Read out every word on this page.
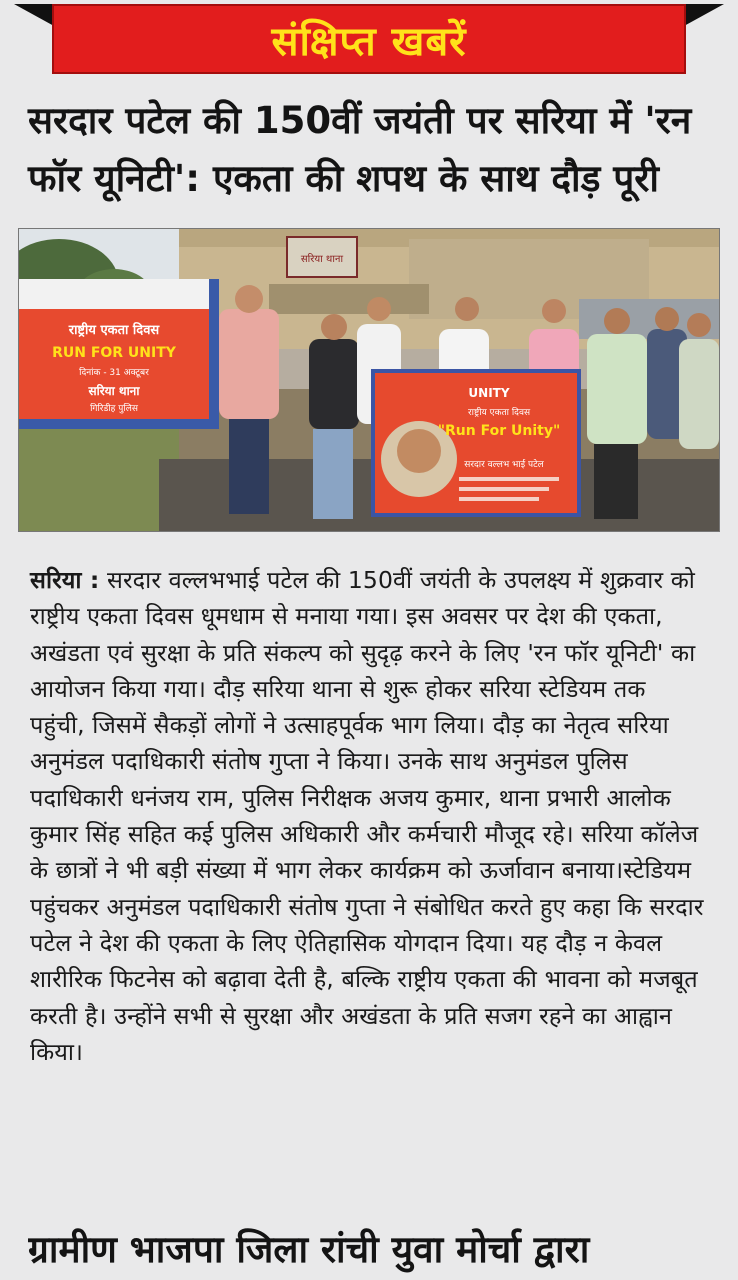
संक्षिप्त खबरें
सरदार पटेल की 150वीं जयंती पर सरिया में 'रन फॉर यूनिटी': एकता की शपथ के साथ दौड़ पूरी
सरिया थाना
राष्ट्रीय एकता दिवस
RUN FOR UNITY
दिनांक - 31 अक्टूबर
सरिया थाना
गिरिडीह पुलिस
UNITY
राष्ट्रीय एकता दिवस
"Run For Unity"
सरदार वल्लभ भाई पटेल

सरिया : सरदार वल्लभभाई पटेल की 150वीं जयंती के उपलक्ष्य में शुक्रवार को राष्ट्रीय एकता दिवस धूमधाम से मनाया गया। इस अवसर पर देश की एकता, अखंडता एवं सुरक्षा के प्रति संकल्प को सुदृढ़ करने के लिए 'रन फॉर यूनिटी' का आयोजन किया गया। दौड़ सरिया थाना से शुरू होकर सरिया स्टेडियम तक पहुंची, जिसमें सैकड़ों लोगों ने उत्साहपूर्वक भाग लिया। दौड़ का नेतृत्व सरिया अनुमंडल पदाधिकारी संतोष गुप्ता ने किया। उनके साथ अनुमंडल पुलिस पदाधिकारी धनंजय राम, पुलिस निरीक्षक अजय कुमार, थाना प्रभारी आलोक कुमार सिंह सहित कई पुलिस अधिकारी और कर्मचारी मौजूद रहे। सरिया कॉलेज के छात्रों ने भी बड़ी संख्या में भाग लेकर कार्यक्रम को ऊर्जावान बनाया।स्टेडियम पहुंचकर अनुमंडल पदाधिकारी संतोष गुप्ता ने संबोधित करते हुए कहा कि सरदार पटेल ने देश की एकता के लिए ऐतिहासिक योगदान दिया। यह दौड़ न केवल शारीरिक फिटनेस को बढ़ावा देती है, बल्कि राष्ट्रीय एकता की भावना को मजबूत करती है। उन्होंने सभी से सुरक्षा और अखंडता के प्रति सजग रहने का आह्वान किया।

ग्रामीण भाजपा जिला रांची युवा मोर्चा द्वारा
